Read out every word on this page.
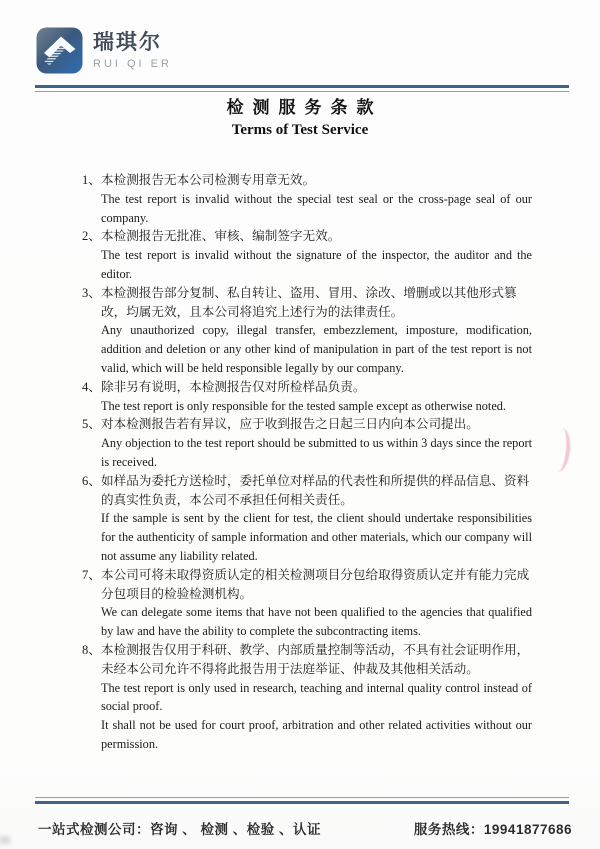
瑞琪尔
RUI QI ER
检测服务条款
Terms of Test Service
1、 本检测报告无本公司检测专用章无效。

The test report is invalid without the special test seal or the cross-page seal of our company.

2、 本检测报告无批准、审核、编制签字无效。

The test report is invalid without the signature of the inspector, the auditor and the editor.

3、 本检测报告部分复制、私自转让、盗用、冒用、涂改、增删或以其他形式篡改，均属无效，且本公司将追究上述行为的法律责任。

Any unauthorized copy, illegal transfer, embezzlement, imposture, modification, addition and deletion or any other kind of manipulation in part of the test report is not valid, which will be held responsible legally by our company.

4、 除非另有说明，本检测报告仅对所检样品负责。

The test report is only responsible for the tested sample except as otherwise noted.

5、 对本检测报告若有异议，应于收到报告之日起三日内向本公司提出。

Any objection to the test report should be submitted to us within 3 days since the report is received.

6、 如样品为委托方送检时，委托单位对样品的代表性和所提供的样品信息、资料的真实性负责，本公司不承担任何相关责任。

If the sample is sent by the client for test, the client should undertake responsibilities for the authenticity of sample information and other materials, which our company will not assume any liability related.

7、 本公司可将未取得资质认定的相关检测项目分包给取得资质认定并有能力完成分包项目的检验检测机构。

We can delegate some items that have not been qualified to the agencies that qualified by law and have the ability to complete the subcontracting items.

8、 本检测报告仅用于科研、教学、内部质量控制等活动，不具有社会证明作用，未经本公司允许不得将此报告用于法庭举证、仲裁及其他相关活动。

The test report is only used in research, teaching and internal quality control instead of social proof.

It shall not be used for court proof, arbitration and other related activities without our permission.

一站式检测公司：咨询 、 检测 、检验 、认证	服务热线：19941877686
